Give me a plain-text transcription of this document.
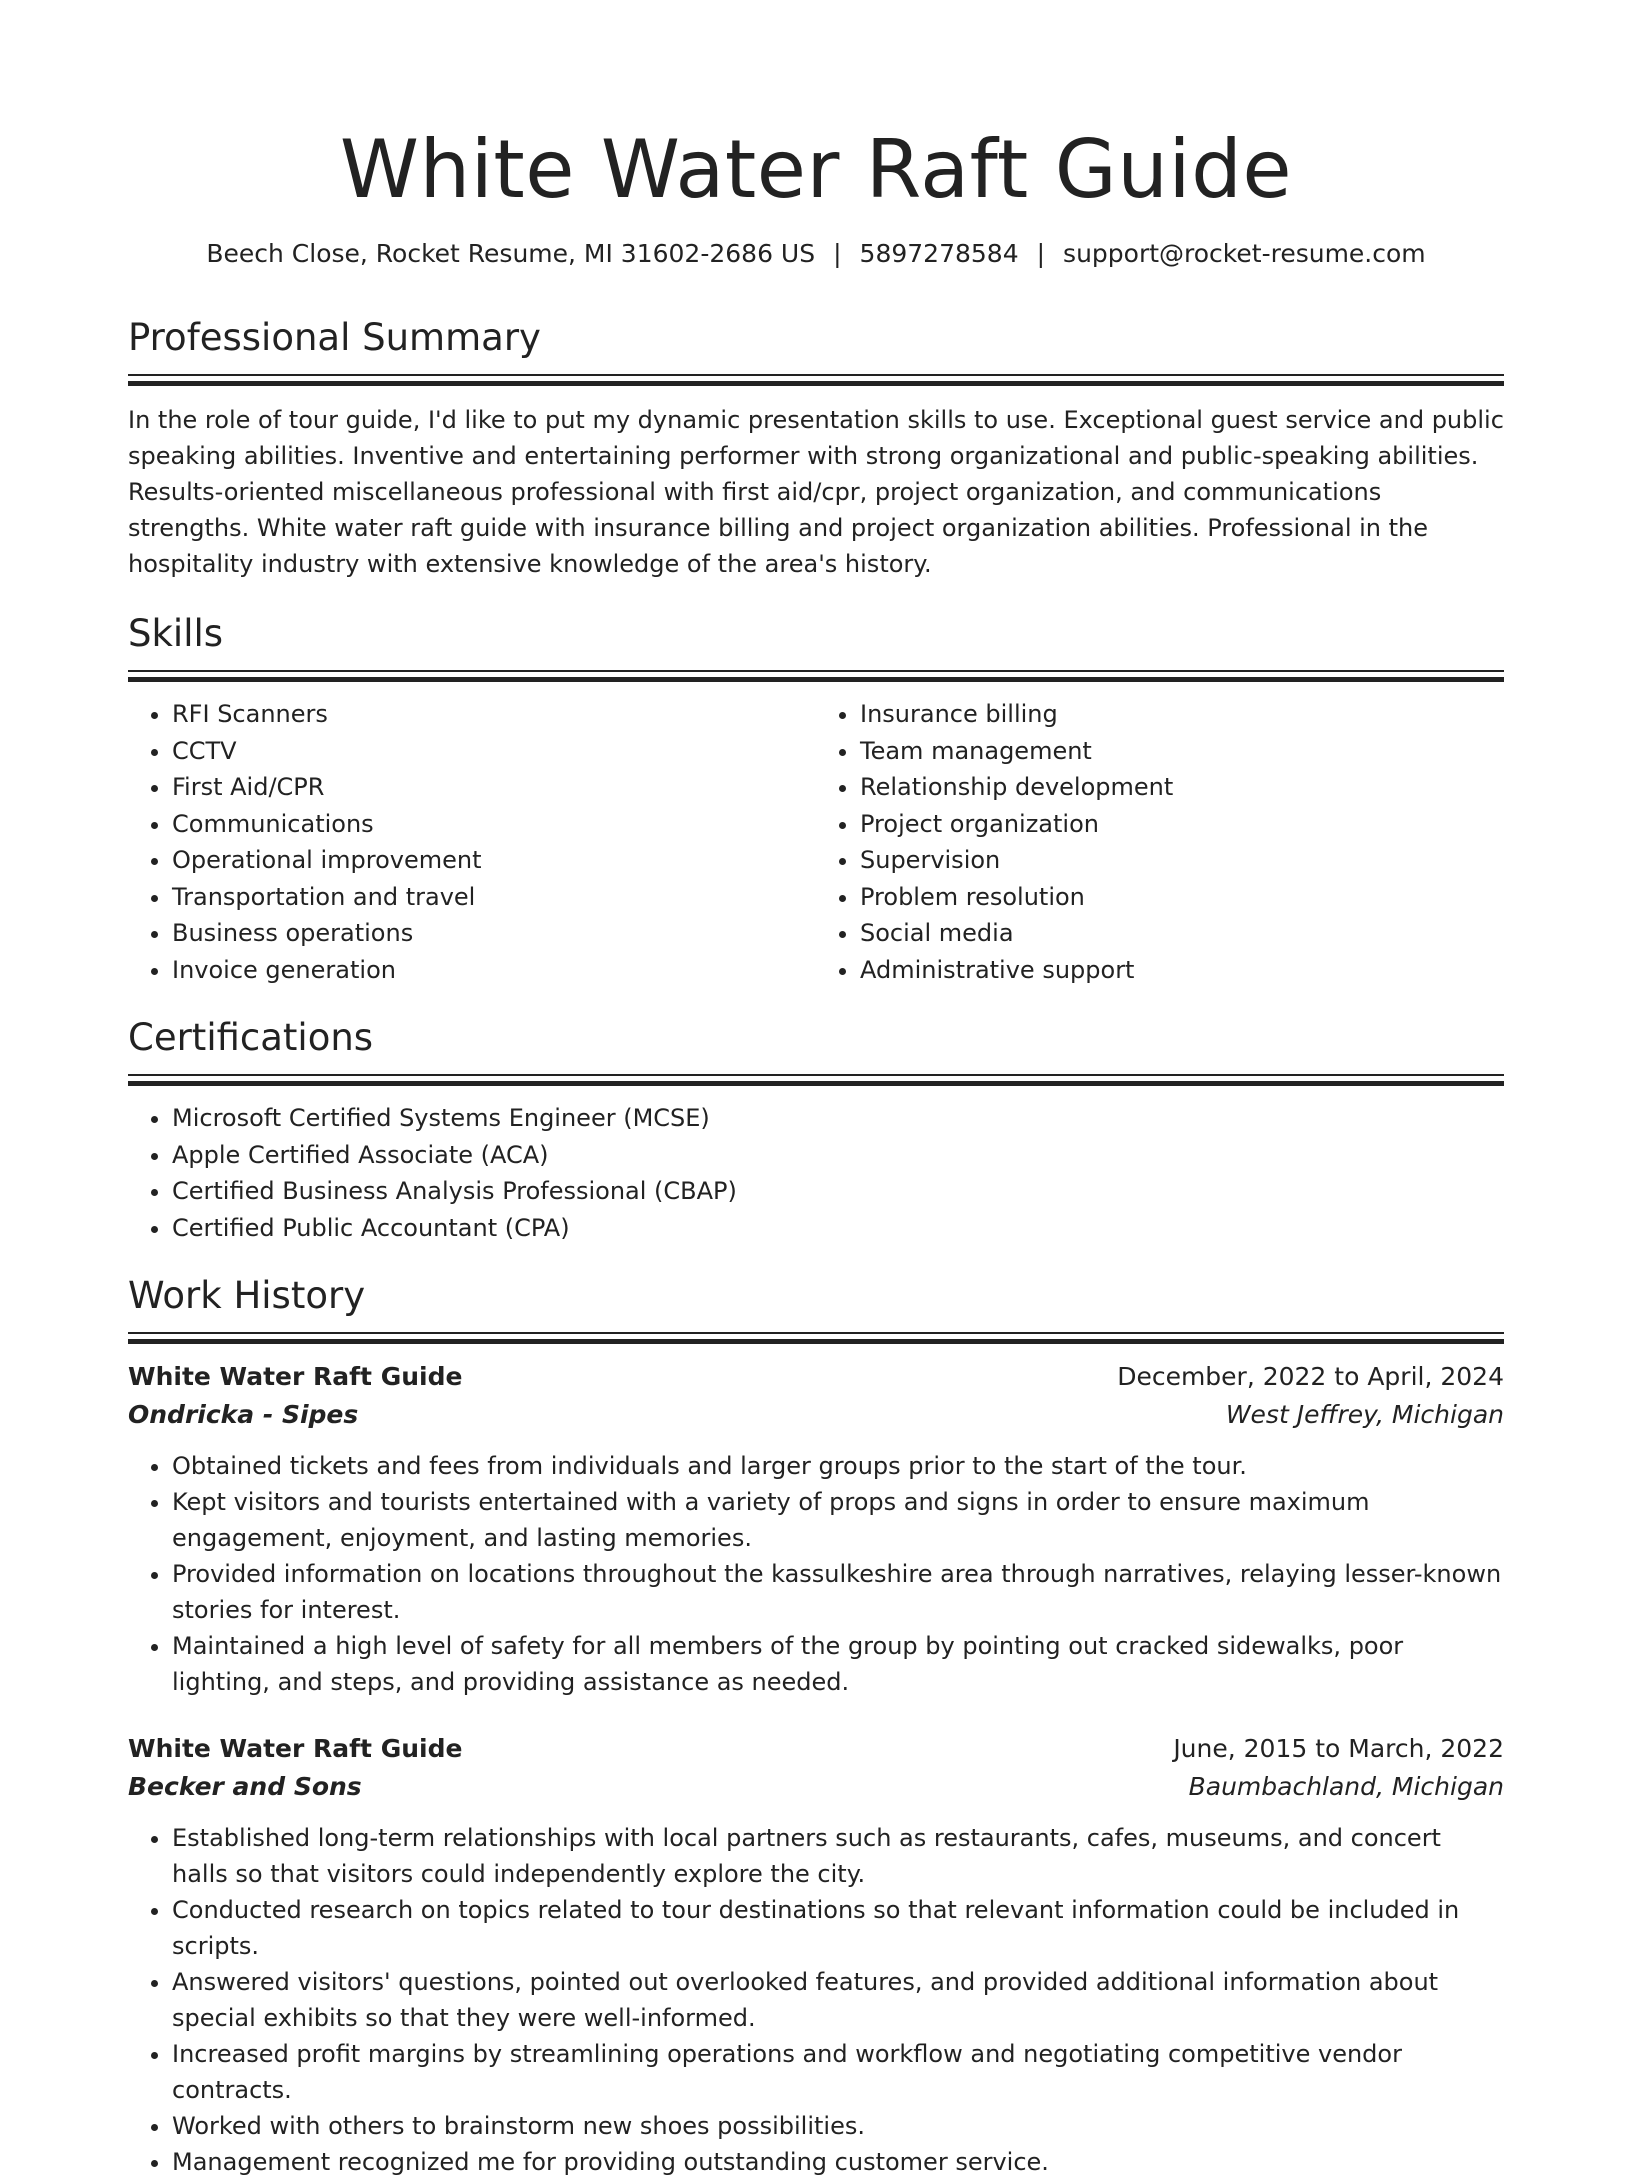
White Water Raft Guide
Beech Close, Rocket Resume, MI 31602-2686 US | 5897278584 | support@rocket-resume.com
Professional Summary

In the role of tour guide, I'd like to put my dynamic presentation skills to use. Exceptional guest service and public speaking abilities. Inventive and entertaining performer with strong organizational and public-speaking abilities. Results-oriented miscellaneous professional with first aid/cpr, project organization, and communications strengths. White water raft guide with insurance billing and project organization abilities. Professional in the hospitality industry with extensive knowledge of the area's history.

Skills
• RFI Scanners
• CCTV
• First Aid/CPR
• Communications
• Operational improvement
• Transportation and travel
• Business operations
• Invoice generation
• Insurance billing
• Team management
• Relationship development
• Project organization
• Supervision
• Problem resolution
• Social media
• Administrative support
Certifications
• Microsoft Certified Systems Engineer (MCSE)
• Apple Certified Associate (ACA)
• Certified Business Analysis Professional (CBAP)
• Certified Public Accountant (CPA)
Work History
White Water Raft Guide	December, 2022 to April, 2024
Ondricka - Sipes	West Jeffrey, Michigan
• Obtained tickets and fees from individuals and larger groups prior to the start of the tour.
• Kept visitors and tourists entertained with a variety of props and signs in order to ensure maximum engagement, enjoyment, and lasting memories.
• Provided information on locations throughout the kassulkeshire area through narratives, relaying lesser-known stories for interest.
• Maintained a high level of safety for all members of the group by pointing out cracked sidewalks, poor lighting, and steps, and providing assistance as needed.
White Water Raft Guide	June, 2015 to March, 2022
Becker and Sons	Baumbachland, Michigan
• Established long-term relationships with local partners such as restaurants, cafes, museums, and concert halls so that visitors could independently explore the city.
• Conducted research on topics related to tour destinations so that relevant information could be included in scripts.
• Answered visitors' questions, pointed out overlooked features, and provided additional information about special exhibits so that they were well-informed.
• Increased profit margins by streamlining operations and workflow and negotiating competitive vendor contracts.
• Worked with others to brainstorm new shoes possibilities.
• Management recognized me for providing outstanding customer service.
